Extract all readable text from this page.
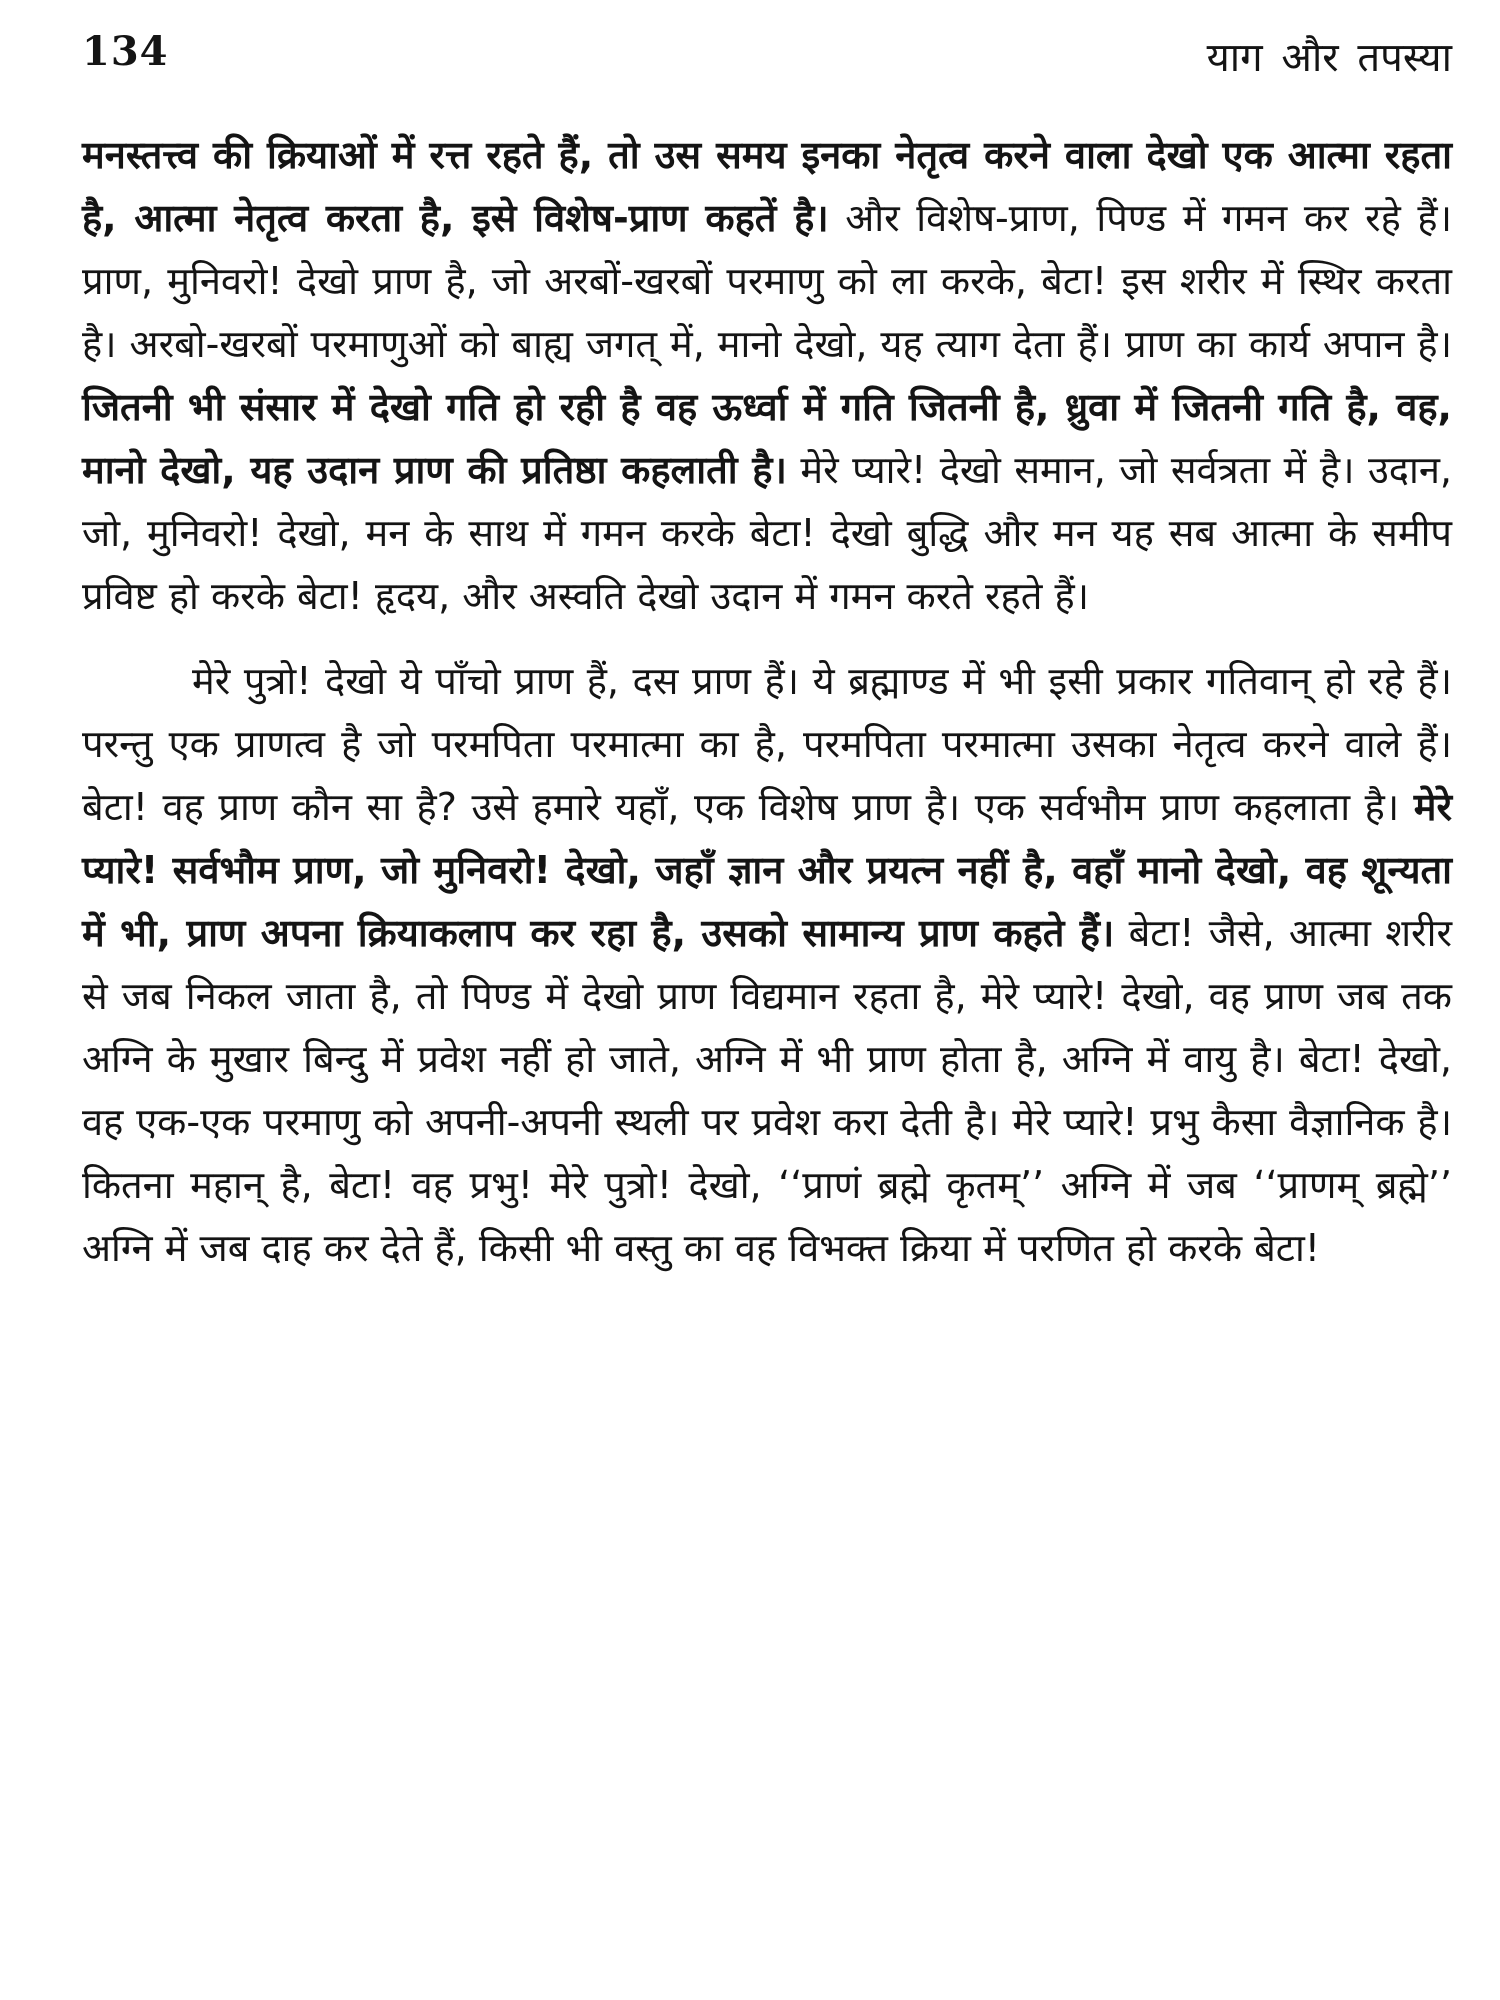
134	याग और तपस्या

मनस्तत्त्व की क्रियाओं में रत्त रहते हैं, तो उस समय इनका नेतृत्व करने वाला देखो एक आत्मा रहता है, आत्मा नेतृत्व करता है, इसे विशेष-प्राण कहतें है। और विशेष-प्राण, पिण्ड में गमन कर रहे हैं। प्राण, मुनिवरो! देखो प्राण है, जो अरबों-खरबों परमाणु को ला करके, बेटा! इस शरीर में स्थिर करता है। अरबो-खरबों परमाणुओं को बाह्य जगत् में, मानो देखो, यह त्याग देता हैं। प्राण का कार्य अपान है। जितनी भी संसार में देखो गति हो रही है वह ऊर्ध्वा में गति जितनी है, ध्रुवा में जितनी गति है, वह, मानो देखो, यह उदान प्राण की प्रतिष्ठा कहलाती है। मेरे प्यारे! देखो समान, जो सर्वत्रता में है। उदान, जो, मुनिवरो! देखो, मन के साथ में गमन करके बेटा! देखो बुद्धि और मन यह सब आत्मा के समीप प्रविष्ट हो करके बेटा! हृदय, और अस्वति देखो उदान में गमन करते रहते हैं।

मेरे पुत्रो! देखो ये पाँचो प्राण हैं, दस प्राण हैं। ये ब्रह्माण्ड में भी इसी प्रकार गतिवान् हो रहे हैं। परन्तु एक प्राणत्व है जो परमपिता परमात्मा का है, परमपिता परमात्मा उसका नेतृत्व करने वाले हैं। बेटा! वह प्राण कौन सा है? उसे हमारे यहाँ, एक विशेष प्राण है। एक सर्वभौम प्राण कहलाता है। मेरे प्यारे! सर्वभौम प्राण, जो मुनिवरो! देखो, जहाँ ज्ञान और प्रयत्न नहीं है, वहाँ मानो देखो, वह शून्यता में भी, प्राण अपना क्रियाकलाप कर रहा है, उसको सामान्य प्राण कहते हैं। बेटा! जैसे, आत्मा शरीर से जब निकल जाता है, तो पिण्ड में देखो प्राण विद्यमान रहता है, मेरे प्यारे! देखो, वह प्राण जब तक अग्नि के मुखार बिन्दु में प्रवेश नहीं हो जाते, अग्नि में भी प्राण होता है, अग्नि में वायु है। बेटा! देखो, वह एक-एक परमाणु को अपनी-अपनी स्थली पर प्रवेश करा देती है। मेरे प्यारे! प्रभु कैसा वैज्ञानिक है। कितना महान् है, बेटा! वह प्रभु! मेरे पुत्रो! देखो, ‘‘प्राणं ब्रह्मे कृतम्’’ अग्नि में जब ‘‘प्राणम् ब्रह्मे’’ अग्नि में जब दाह कर देते हैं, किसी भी वस्तु का वह विभक्त क्रिया में परणित हो करके बेटा!
